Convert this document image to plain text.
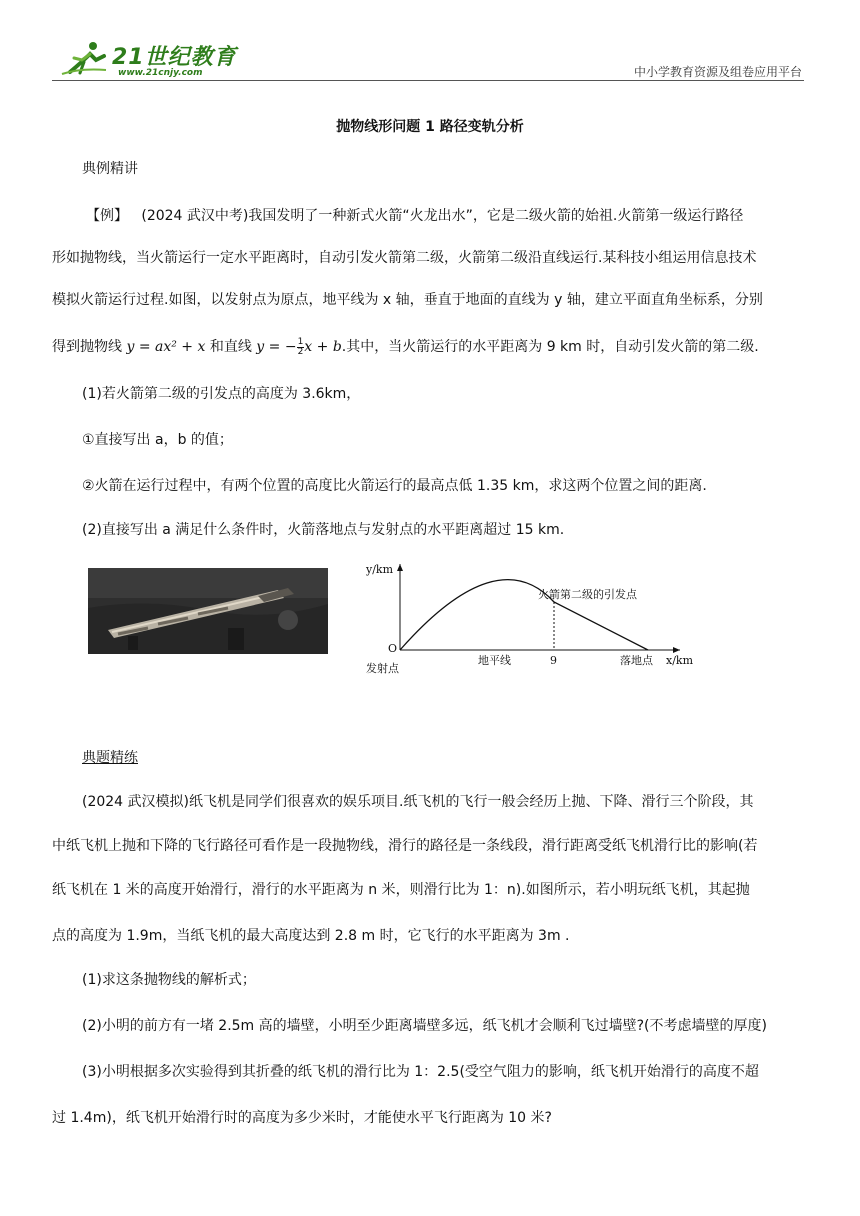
21世纪教育
www.21cnjy.com	中小学教育资源及组卷应用平台
抛物线形问题 1 路径变轨分析
典例精讲
【例】 (2024 武汉中考)我国发明了一种新式火箭“火龙出水”，它是二级火箭的始祖.火箭第一级运行路径
形如抛物线，当火箭运行一定水平距离时，自动引发火箭第二级，火箭第二级沿直线运行.某科技小组运用信息技术
模拟火箭运行过程.如图，以发射点为原点，地平线为 x 轴，垂直于地面的直线为 y 轴，建立平面直角坐标系，分别
得到抛物线 y = ax² + x 和直线 y = − $\frac{1}{2}$ x + b.其中，当火箭运行的水平距离为 9 km 时，自动引发火箭的第二级.
(1)若火箭第二级的引发点的高度为 3.6km，
①直接写出 a，b 的值；
②火箭在运行过程中，有两个位置的高度比火箭运行的最高点低 1.35 km，求这两个位置之间的距离.
(2)直接写出 a 满足什么条件时，火箭落地点与发射点的水平距离超过 15 km.
y/km
O
发射点
地平线	9	落地点 x/km
火箭第二级的引发点
典题精练
(2024 武汉模拟)纸飞机是同学们很喜欢的娱乐项目.纸飞机的飞行一般会经历上抛、下降、滑行三个阶段，其
中纸飞机上抛和下降的飞行路径可看作是一段抛物线，滑行的路径是一条线段，滑行距离受纸飞机滑行比的影响(若
纸飞机在 1 米的高度开始滑行，滑行的水平距离为 n 米，则滑行比为 1：n).如图所示，若小明玩纸飞机，其起抛
点的高度为 1.9m，当纸飞机的最大高度达到 2.8 m 时，它飞行的水平距离为 3m .
(1)求这条抛物线的解析式；
(2)小明的前方有一堵 2.5m 高的墙壁，小明至少距离墙壁多远，纸飞机才会顺利飞过墙壁?(不考虑墙壁的厚度)
(3)小明根据多次实验得到其折叠的纸飞机的滑行比为 1：2.5(受空气阻力的影响，纸飞机开始滑行的高度不超
过 1.4m)，纸飞机开始滑行时的高度为多少米时，才能使水平飞行距离为 10 米?
